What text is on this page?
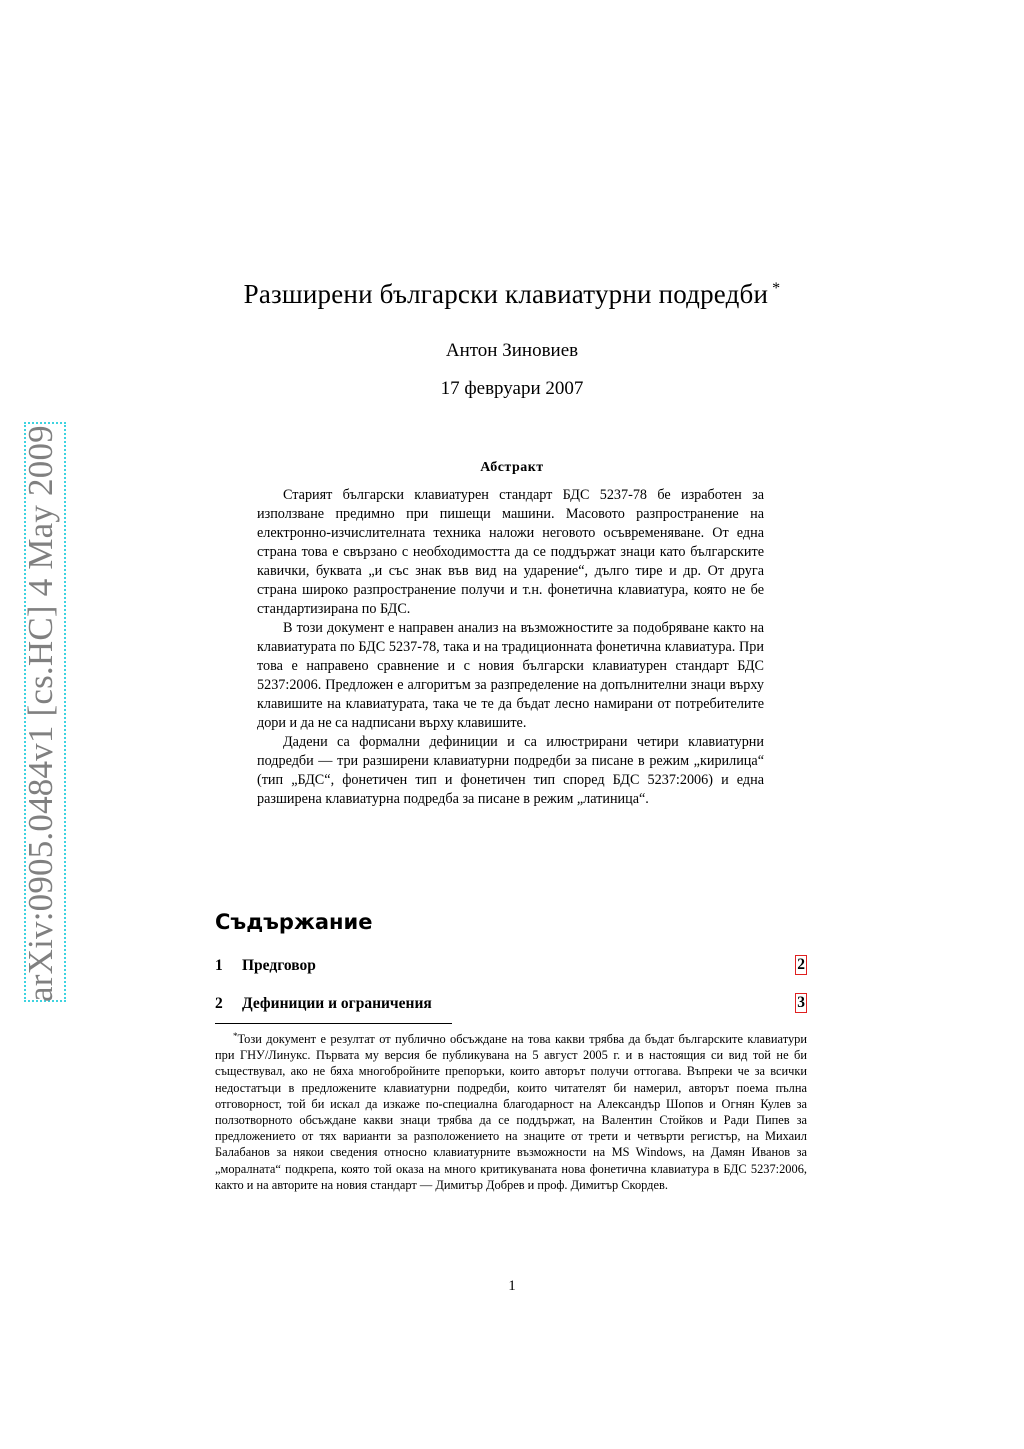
arXiv:0905.0484v1 [cs.HC] 4 May 2009
Разширени български клавиатурни подредби *
Антон Зиновиев
17 февруари 2007
Абстракт

Старият български клавиатурен стандарт БДС 5237-78 бе изработен за използване предимно при пишещи машини. Масовото разпространение на електронно-изчислителната техника наложи неговото осъвременяване. От една страна това е свързано с необходимостта да се поддържат знаци като българските кавички, буквата „и със знак във вид на ударение“, дълго тире и др. От друга страна широко разпространение получи и т.н. фонетична клавиатура, която не бе стандартизирана по БДС.

В този документ е направен анализ на възможностите за подобряване както на клавиатурата по БДС 5237-78, така и на традиционната фонетична клавиатура. При това е направено сравнение и с новия български клавиатурен стандарт БДС 5237:2006. Предложен е алгоритъм за разпределение на допълнителни знаци върху клавишите на клавиатурата, така че те да бъдат лесно намирани от потребителите дори и да не са надписани върху клавишите.

Дадени са формални дефиниции и са илюстрирани четири клавиатурни подредби — три разширени клавиатурни подредби за писане в режим „кирилица“ (тип „БДС“, фонетичен тип и фонетичен тип според БДС 5237:2006) и една разширена клавиатурна подредба за писане в режим „латиница“.

Съдържание
1 Предговор	2
2 Дефиниции и ограничения	3
*Този документ е резултат от публично обсъждане на това какви трябва да бъдат българските клавиатури при ГНУ/Линукс. Първата му версия бе публикувана на 5 август 2005 г. и в настоящия си вид той не би съществувал, ако не бяха многобройните препоръки, които авторът получи оттогава. Въпреки че за всички недостатъци в предложените клавиатурни подредби, които читателят би намерил, авторът поема пълна отговорност, той би искал да изкаже по-специална благодарност на Александър Шопов и Огнян Кулев за ползотворното обсъждане какви знаци трябва да се поддържат, на Валентин Стойков и Ради Пипев за предложението от тях варианти за разположението на знаците от трети и четвърти регистър, на Михаил Балабанов за някои сведения относно клавиатурните възможности на MS Windows, на Дамян Иванов за „моралната“ подкрепа, която той оказа на много критикуваната нова фонетична клавиатура в БДС 5237:2006, както и на авторите на новия стандарт — Димитър Добрев и проф. Димитър Скордев.
1
